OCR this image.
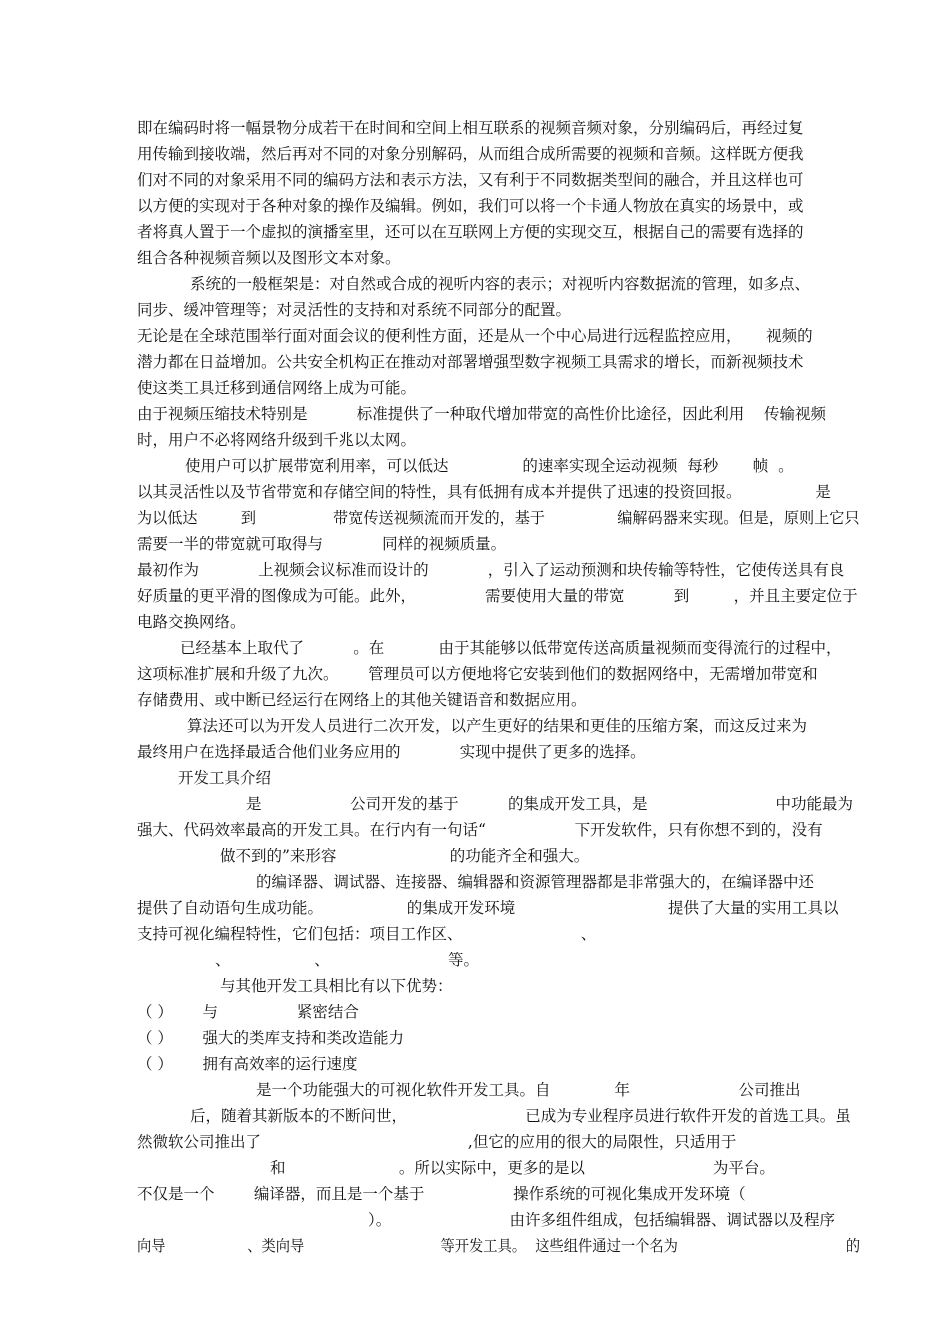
即在编码时将一幅景物分成若干在时间和空间上相互联系的视频音频对象，分别编码后，再经过复
用传输到接收端，然后再对不同的对象分别解码，从而组合成所需要的视频和音频。这样既方便我
们对不同的对象采用不同的编码方法和表示方法，又有利于不同数据类型间的融合，并且这样也可
以方便的实现对于各种对象的操作及编辑。例如，我们可以将一个卡通人物放在真实的场景中，或
者将真人置于一个虚拟的演播室里，还可以在互联网上方便的实现交互，根据自己的需要有选择的
组合各种视频音频以及图形文本对象。
系统的一般框架是：对自然或合成的视听内容的表示；对视听内容数据流的管理，如多点、
同步、缓冲管理等；对灵活性的支持和对系统不同部分的配置。
无论是在全球范围举行面对面会议的便利性方面，还是从一个中心局进行远程监控应用，     视频的
潜力都在日益增加。公共安全机构正在推动对部署增强型数字视频工具需求的增长，而新视频技术
使这类工具迁移到通信网络上成为可能。
由于视频压缩技术特别是          标准提供了一种取代增加带宽的高性价比途径，因此利用    传输视频
时，用户不必将网络升级到千兆以太网。
使用户可以扩展带宽利用率，可以低达               的速率实现全运动视频  每秒       帧  。
以其灵活性以及节省带宽和存储空间的特性，具有低拥有成本并提供了迅速的投资回报。               是
为以低达         到                带宽传送视频流而开发的，基于               编解码器来实现。但是，原则上它只
需要一半的带宽就可取得与            同样的视频质量。
最初作为            上视频会议标准而设计的            ，引入了运动预测和块传输等特性，它使传送具有良
好质量的更平滑的图像成为可能。此外，              需要使用大量的带宽          到         ，并且主要定位于
电路交换网络。
已经基本上取代了          。在           由于其能够以低带宽传送高质量视频而变得流行的过程中，
这项标准扩展和升级了九次。      管理员可以方便地将它安装到他们的数据网络中，无需增加带宽和
存储费用、或中断已经运行在网络上的其他关键语音和数据应用。
算法还可以为开发人员进行二次开发，以产生更好的结果和更佳的压缩方案，而这反过来为
最终用户在选择最适合他们业务应用的            实现中提供了更多的选择。
开发工具介绍
是                  公司开发的基于          的集成开发工具，是                          中功能最为
强大、代码效率最高的开发工具。在行内有一句话“                  下开发软件，只有你想不到的，没有
做不到的”来形容                       的功能齐全和强大。
的编译器、调试器、连接器、编辑器和资源管理器都是非常强大的，在编译器中还
提供了自动语句生成功能。                 的集成开发环境                               提供了大量的实用工具以
支持可视化编程特性，它们包括：项目工作区、                        、
、                 、                        等。
与其他开发工具相比有以下优势：
（ ）      与                紧密结合
（ ）      强大的类库支持和类改造能力
（ ）      拥有高效率的运行速度
是一个功能强大的可视化软件开发工具。自             年                      公司推出
后，随着其新版本的不断问世，                        已成为专业程序员进行软件开发的首选工具。虽
然微软公司推出了                                          ,但它的应用的很大的局限性，只适用于
和                       。所以实际中，更多的是以                          为平台。
不仅是一个        编译器，而且是一个基于                  操作系统的可视化集成开发环境（
）。                        由许多组件组成，包括编辑器、调试器以及程序
向导                  、类向导                              等开发工具。  这些组件通过一个名为                                     的
